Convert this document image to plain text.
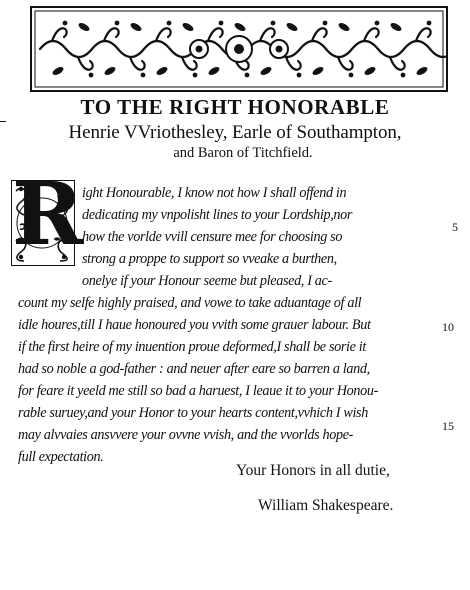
TO THE RIGHT HONORABLE
Henrie VVriothesley, Earle of Southampton,
and Baron of Titchfield.
R
ight Honourable, I know not how I shall offend in
dedicating my vnpolisht lines to your Lordship,nor
how the vorlde vvill censure mee for choosing so
strong a proppe to support so vveake a burthen,
onelye if your Honour seeme but pleased, I ac-
count my selfe highly praised, and vowe to take aduantage of all
idle houres,till I haue honoured you vvith some grauer labour. But
if the first heire of my inuention proue deformed,I shall be sorie it
had so noble a god-father : and neuer after eare so barren a land,
for feare it yeeld me still so bad a haruest, I leaue it to your Honou-
rable suruey,and your Honor to your hearts content,vvhich I wish
may alvvaies ansvvere your ovvne vvish, and the vvorlds hope-
full expectation.
5
10
15
Your Honors in all dutie,
William Shakespeare.
